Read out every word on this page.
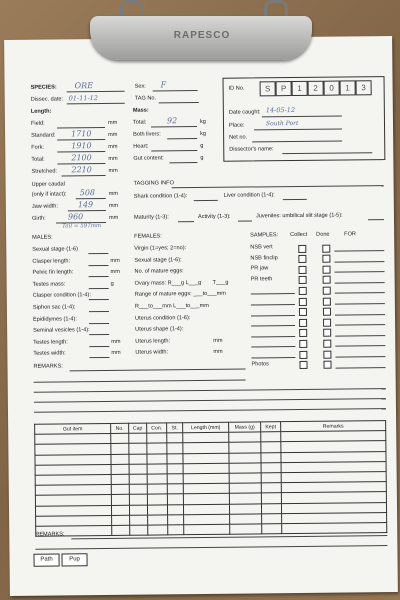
RAPESCO
SPECIES: ORE	Sex: F
Dissec. date: 01-11-12	TAG No.
ID No.	S	P	1	2	0	1	3
Date caught: 14-05-12
Place:	South Port
Net no.
Dissector's name:
Length:
Field:	mm
Standard: 1710	mm
Fork:	1910	mm
Total:	2100	mm
Stretched: 2210	mm
Upper caudal
(only if intact): 508 mm
Jaw width: 149	mm
Girth:	960	mm
Tail = 597mm
Mass:
Total:	92	kg
Both livers:	kg
Heart:	g
Gut content:	g
TAGGING INFO
Shark condition (1-4):	Liver condition (1-4):
Maturity (1-3):	Activity (1-3):	Juveniles: umbilical slit stage (1-5):
MALES:
Sexual stage (1-6)
Clasper length:	mm
Pelvic fin length:	mm
Testes mass:	g
Clasper condition (1-4):
Siphon sac (1-4):
Epididymes (1-4):
Seminal vesicles (1-4):
Testes length:	mm
Testes width:	mm
FEMALES:
Virgin (1=yes; 2=no):
Sexual stage (1-6):
No. of mature eggs:
Ovary mass: R___g L___g T___g
Range of mature eggs: ___to___mm
R___to___mm L___to___mm
Uterus condition (1-6):
Uterus shape (1-4):
Uterus length:	mm
Uterus width:	mm
SAMPLES: Collect Done	FOR
NSB vert
NSB finclip
PR jaw
PR teeth
Photos
REMARKS:
Gut item	No.	Cap	Con.	St.	Length (mm)	Mass (g)	Kept	Remarks

REMARKS:
Path	Pup
